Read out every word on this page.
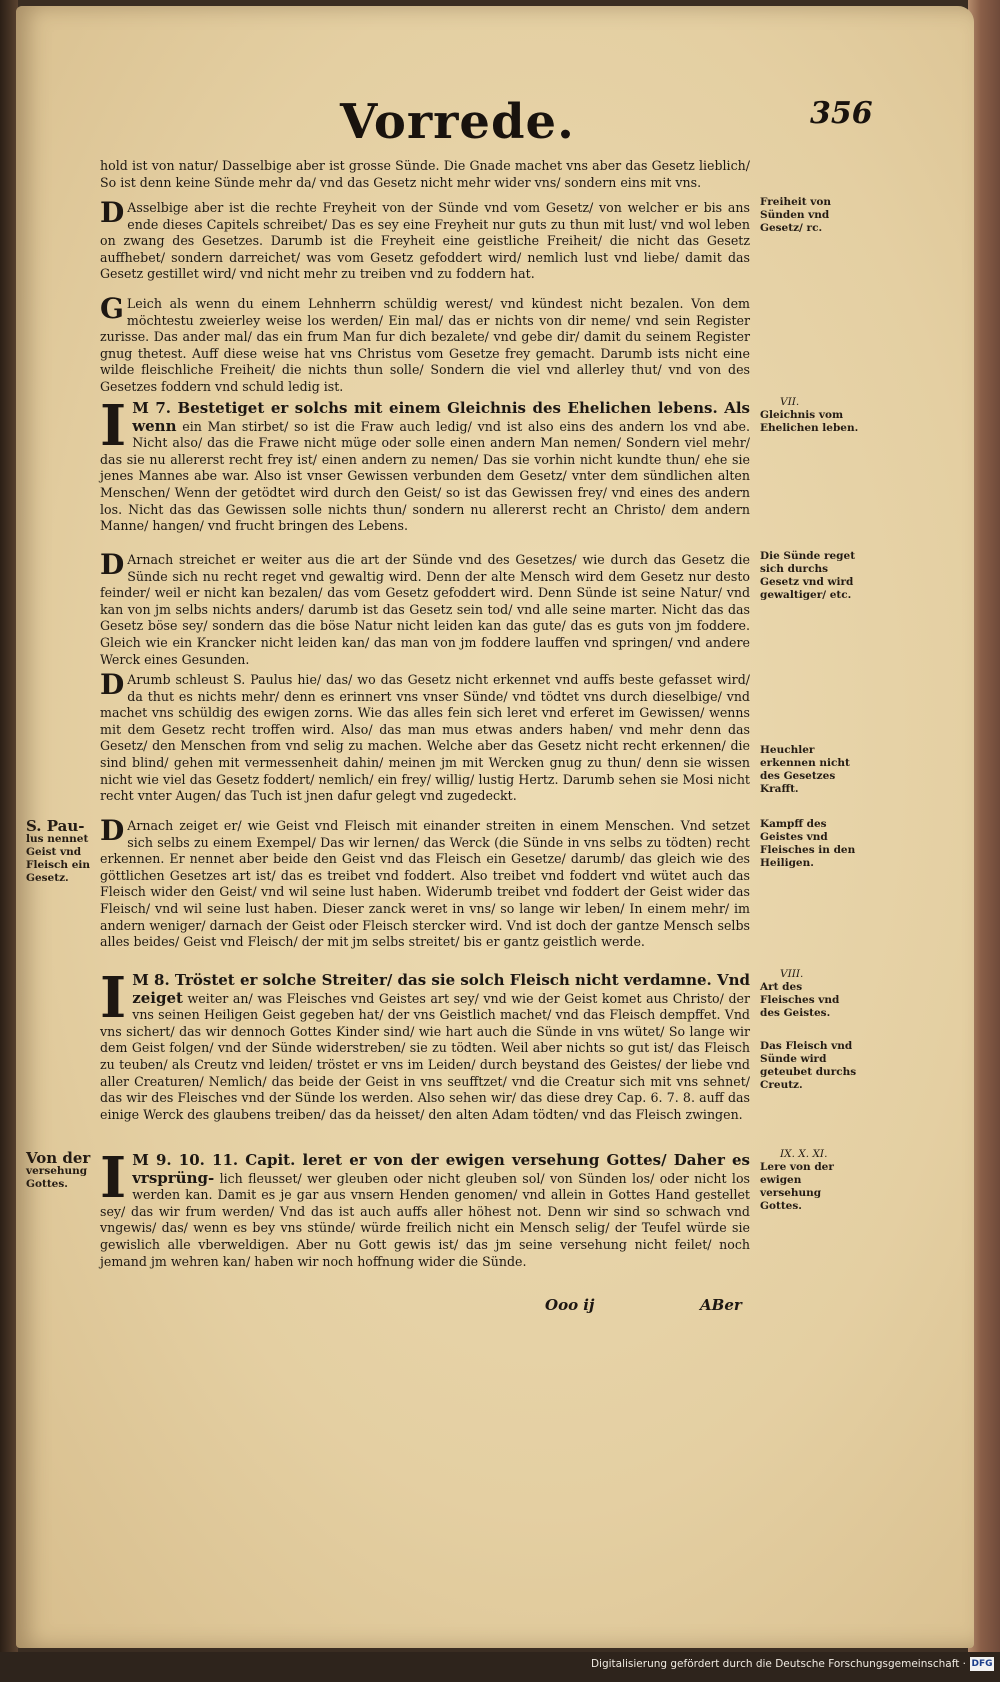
Vorrede.	356
hold ist von natur/ Dasselbige aber ist grosse Sünde. Die Gnade machet vns aber das Gesetz lieblich/ So ist denn keine Sünde mehr da/ vnd das Gesetz nicht mehr wider vns/ sondern eins mit vns.
D Asselbige aber ist die rechte Freyheit von der Sünde vnd vom Gesetz/ von welcher er bis ans ende dieses Capitels schreibet/ Das es sey eine Freyheit nur guts zu thun mit lust/ vnd wol leben on zwang des Gesetzes. Darumb ist die Freyheit eine geistliche Freiheit/ die nicht das Gesetz auffhebet/ sondern darreichet/ was vom Gesetz gefoddert wird/ nemlich lust vnd liebe/ damit das Gesetz gestillet wird/ vnd nicht mehr zu treiben vnd zu foddern hat.
G Leich als wenn du einem Lehnherrn schüldig werest/ vnd kündest nicht bezalen. Von dem möchtestu zweierley weise los werden/ Ein mal/ das er nichts von dir neme/ vnd sein Register zurisse. Das ander mal/ das ein frum Man fur dich bezalete/ vnd gebe dir/ damit du seinem Register gnug thetest. Auff diese weise hat vns Christus vom Gesetze frey gemacht. Darumb ists nicht eine wilde fleischliche Freiheit/ die nichts thun solle/ Sondern die viel vnd allerley thut/ vnd von des Gesetzes foddern vnd schuld ledig ist.
I M 7. Bestetiget er solchs mit einem Gleichnis des Ehelichen lebens. Als wenn ein Man stirbet/ so ist die Fraw auch ledig/ vnd ist also eins des andern los vnd abe. Nicht also/ das die Frawe nicht müge oder solle einen andern Man nemen/ Sondern viel mehr/ das sie nu allererst recht frey ist/ einen andern zu nemen/ Das sie vorhin nicht kundte thun/ ehe sie jenes Mannes abe war. Also ist vnser Gewissen verbunden dem Gesetz/ vnter dem sündlichen alten Menschen/ Wenn der getödtet wird durch den Geist/ so ist das Gewissen frey/ vnd eines des andern los. Nicht das das Gewissen solle nichts thun/ sondern nu allererst recht an Christo/ dem andern Manne/ hangen/ vnd frucht bringen des Lebens.
D Arnach streichet er weiter aus die art der Sünde vnd des Gesetzes/ wie durch das Gesetz die Sünde sich nu recht reget vnd gewaltig wird. Denn der alte Mensch wird dem Gesetz nur desto feinder/ weil er nicht kan bezalen/ das vom Gesetz gefoddert wird. Denn Sünde ist seine Natur/ vnd kan von jm selbs nichts anders/ darumb ist das Gesetz sein tod/ vnd alle seine marter. Nicht das das Gesetz böse sey/ sondern das die böse Natur nicht leiden kan das gute/ das es guts von jm foddere. Gleich wie ein Krancker nicht leiden kan/ das man von jm foddere lauffen vnd springen/ vnd andere Werck eines Gesunden.
D Arumb schleust S. Paulus hie/ das/ wo das Gesetz nicht erkennet vnd auffs beste gefasset wird/ da thut es nichts mehr/ denn es erinnert vns vnser Sünde/ vnd tödtet vns durch dieselbige/ vnd machet vns schüldig des ewigen zorns. Wie das alles fein sich leret vnd erferet im Gewissen/ wenns mit dem Gesetz recht troffen wird. Also/ das man mus etwas anders haben/ vnd mehr denn das Gesetz/ den Menschen from vnd selig zu machen. Welche aber das Gesetz nicht recht erkennen/ die sind blind/ gehen mit vermessenheit dahin/ meinen jm mit Wercken gnug zu thun/ denn sie wissen nicht wie viel das Gesetz foddert/ nemlich/ ein frey/ willig/ lustig Hertz. Darumb sehen sie Mosi nicht recht vnter Augen/ das Tuch ist jnen dafur gelegt vnd zugedeckt.
D Arnach zeiget er/ wie Geist vnd Fleisch mit einander streiten in einem Menschen. Vnd setzet sich selbs zu einem Exempel/ Das wir lernen/ das Werck (die Sünde in vns selbs zu tödten) recht erkennen. Er nennet aber beide den Geist vnd das Fleisch ein Gesetze/ darumb/ das gleich wie des göttlichen Gesetzes art ist/ das es treibet vnd foddert. Also treibet vnd foddert vnd wütet auch das Fleisch wider den Geist/ vnd wil seine lust haben. Widerumb treibet vnd foddert der Geist wider das Fleisch/ vnd wil seine lust haben. Dieser zanck weret in vns/ so lange wir leben/ In einem mehr/ im andern weniger/ darnach der Geist oder Fleisch stercker wird. Vnd ist doch der gantze Mensch selbs alles beides/ Geist vnd Fleisch/ der mit jm selbs streitet/ bis er gantz geistlich werde.
I M 8. Tröstet er solche Streiter/ das sie solch Fleisch nicht verdamne. Vnd zeiget weiter an/ was Fleisches vnd Geistes art sey/ vnd wie der Geist komet aus Christo/ der vns seinen Heiligen Geist gegeben hat/ der vns Geistlich machet/ vnd das Fleisch dempffet. Vnd vns sichert/ das wir dennoch Gottes Kinder sind/ wie hart auch die Sünde in vns wütet/ So lange wir dem Geist folgen/ vnd der Sünde widerstreben/ sie zu tödten. Weil aber nichts so gut ist/ das Fleisch zu teuben/ als Creutz vnd leiden/ tröstet er vns im Leiden/ durch beystand des Geistes/ der liebe vnd aller Creaturen/ Nemlich/ das beide der Geist in vns seufftzet/ vnd die Creatur sich mit vns sehnet/ das wir des Fleisches vnd der Sünde los werden. Also sehen wir/ das diese drey Cap. 6. 7. 8. auff das einige Werck des glaubens treiben/ das da heisset/ den alten Adam tödten/ vnd das Fleisch zwingen.
I M 9. 10. 11. Capit. leret er von der ewigen versehung Gottes/ Daher es vrsprüng- lich fleusset/ wer gleuben oder nicht gleuben sol/ von Sünden los/ oder nicht los werden kan. Damit es je gar aus vnsern Henden genomen/ vnd allein in Gottes Hand gestellet sey/ das wir frum werden/ Vnd das ist auch auffs aller höhest not. Denn wir sind so schwach vnd vngewis/ das/ wenn es bey vns stünde/ würde freilich nicht ein Mensch selig/ der Teufel würde sie gewislich alle vberweldigen. Aber nu Gott gewis ist/ das jm seine versehung nicht feilet/ noch jemand jm wehren kan/ haben wir noch hoffnung wider die Sünde.
Freiheit von Sünden vnd Gesetz/ rc.
VII.
Gleichnis vom Ehelichen leben.
Die Sünde reget sich durchs Gesetz vnd wird gewaltiger/ etc.
Heuchler erkennen nicht des Gesetzes Krafft.
Kampff des Geistes vnd Fleisches in den Heiligen.
VIII.
Art des Fleisches vnd des Geistes.
Das Fleisch vnd Sünde wird geteubet durchs Creutz.
IX. X. XI.
Lere von der ewigen versehung Gottes.
S. Pau-
lus nennet Geist vnd Fleisch ein Gesetz.
Von der
versehung Gottes.
Ooo ij	ABer
Digitalisierung gefördert durch die Deutsche Forschungsgemeinschaft · DFG
